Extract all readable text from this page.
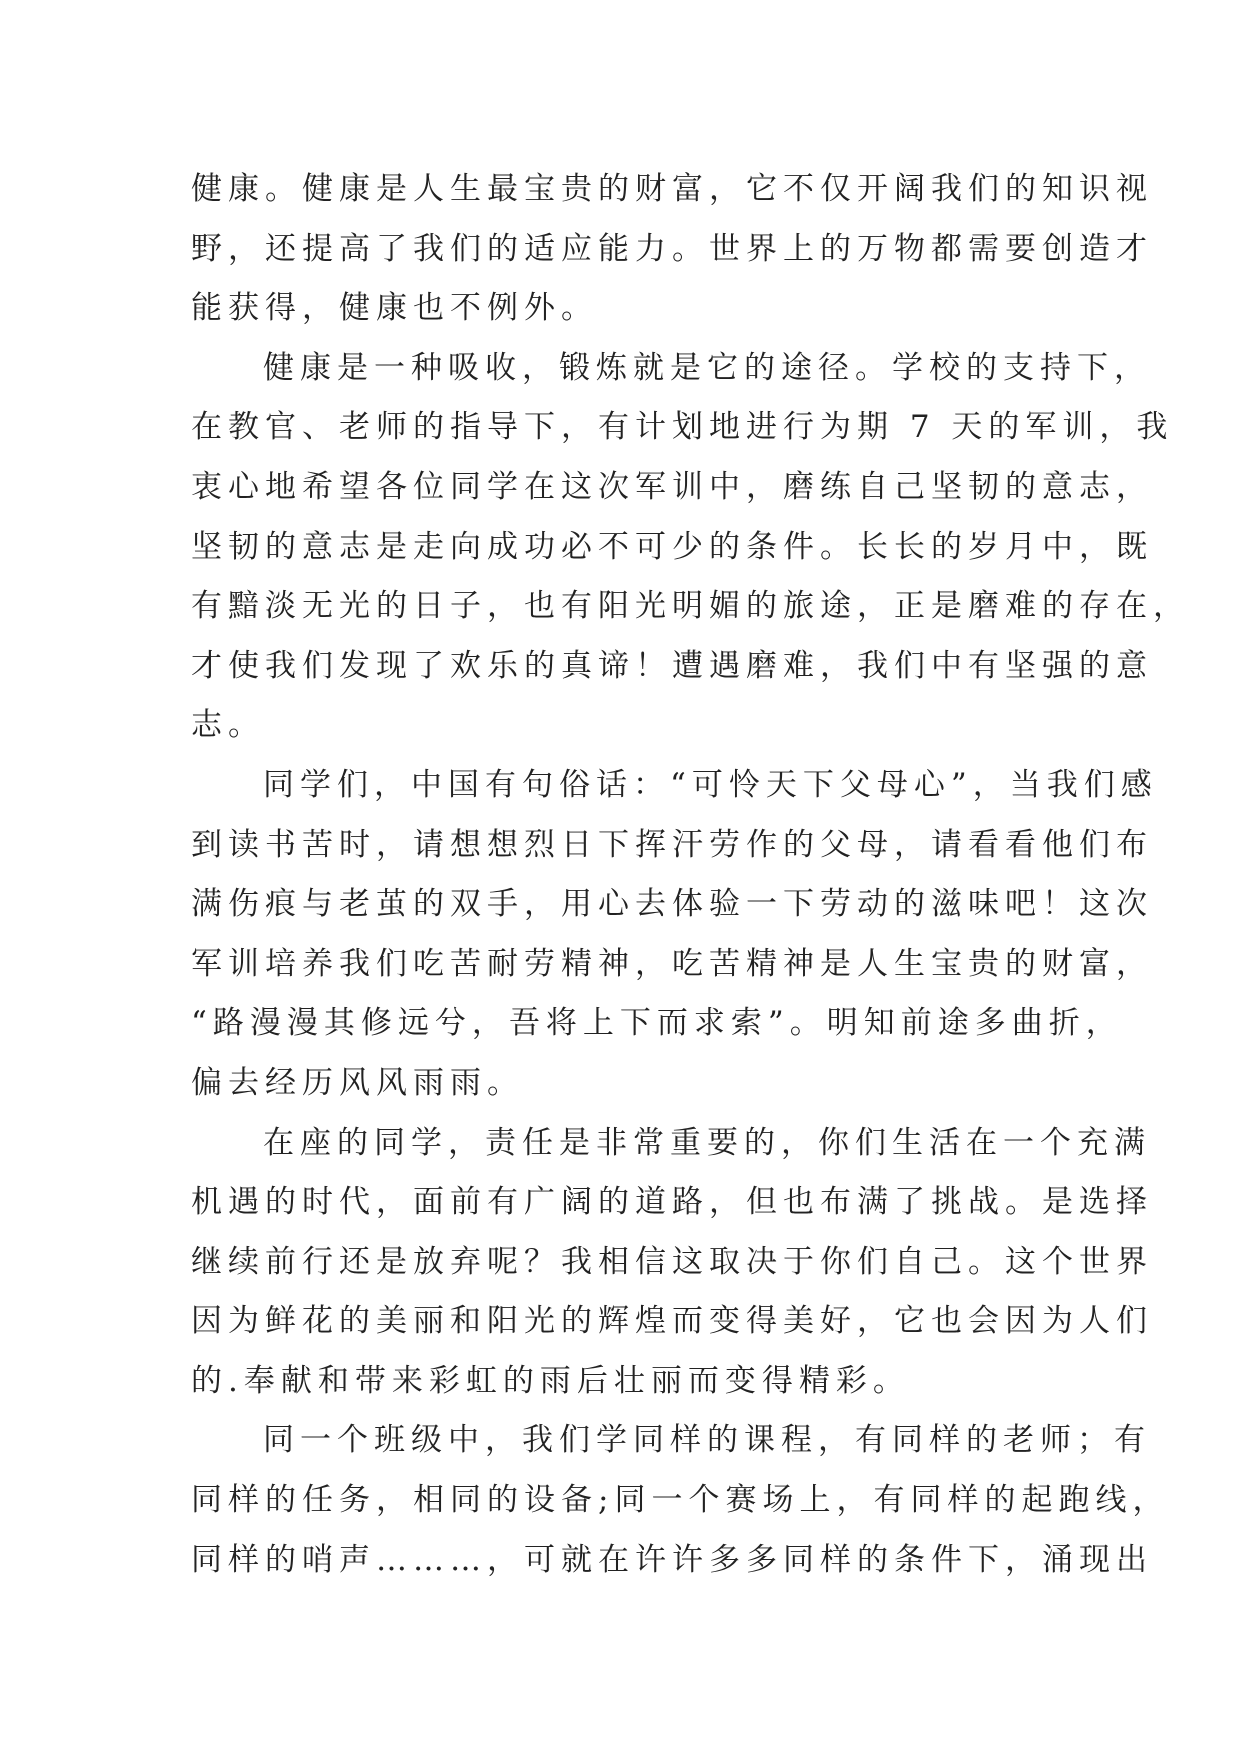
健康。健康是人生最宝贵的财富，它不仅开阔我们的知识视
野，还提高了我们的适应能力。世界上的万物都需要创造才
能获得，健康也不例外。
健康是一种吸收，锻炼就是它的途径。学校的支持下，
在教官、老师的指导下，有计划地进行为期 7 天的军训，我
衷心地希望各位同学在这次军训中，磨练自己坚韧的意志，
坚韧的意志是走向成功必不可少的条件。长长的岁月中，既
有黯淡无光的日子，也有阳光明媚的旅途，正是磨难的存在，
才使我们发现了欢乐的真谛！遭遇磨难，我们中有坚强的意
志。
同学们，中国有句俗话：“可怜天下父母心”，当我们感
到读书苦时，请想想烈日下挥汗劳作的父母，请看看他们布
满伤痕与老茧的双手，用心去体验一下劳动的滋味吧！这次
军训培养我们吃苦耐劳精神，吃苦精神是人生宝贵的财富，
“路漫漫其修远兮，吾将上下而求索”。明知前途多曲折，
偏去经历风风雨雨。
在座的同学，责任是非常重要的，你们生活在一个充满
机遇的时代，面前有广阔的道路，但也布满了挑战。是选择
继续前行还是放弃呢？我相信这取决于你们自己。这个世界
因为鲜花的美丽和阳光的辉煌而变得美好，它也会因为人们
的.奉献和带来彩虹的雨后壮丽而变得精彩。
同一个班级中，我们学同样的课程，有同样的老师；有
同样的任务，相同的设备;同一个赛场上，有同样的起跑线，
同样的哨声………，可就在许许多多同样的条件下，涌现出
